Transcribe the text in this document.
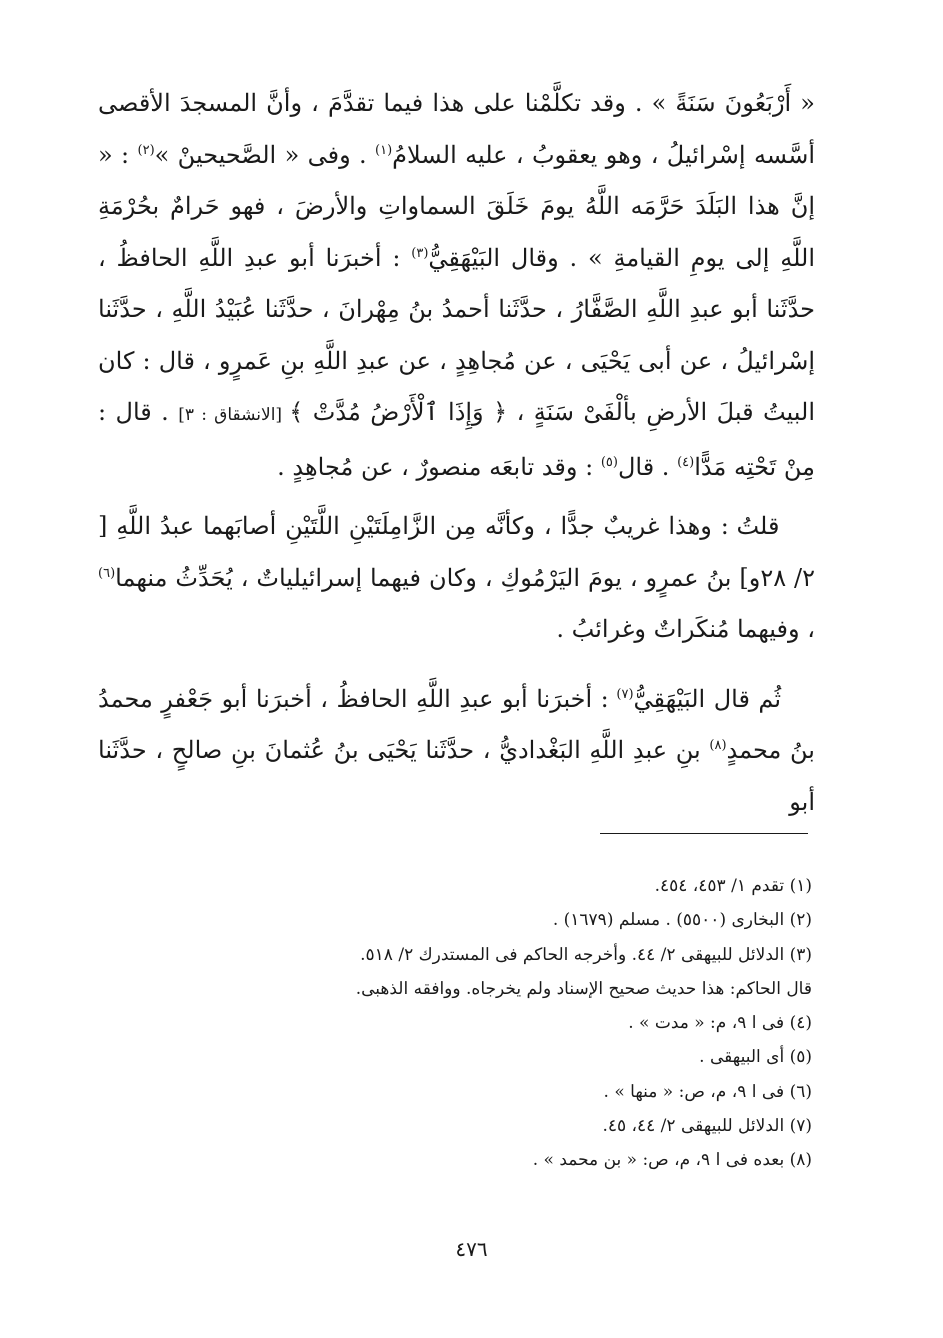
« أَرْبَعُونَ سَنَةً » . وقد تكلَّمْنا على هذا فيما تقدَّمَ ، وأنَّ المسجدَ الأقصى أسَّسه إسْرائيلُ ، وهو يعقوبُ ، عليه السلامُ$^{(١)}$ . وفى « الصَّحيحينْ »$^{(٢)}$ : « إنَّ هذا البَلَدَ حَرَّمَه اللَّهُ يومَ خَلَقَ السماواتِ والأرضَ ، فهو حَرامٌ بحُرْمَةِ اللَّهِ إلى يومِ القيامةِ » . وقال البَيْهَقِيُّ$^{(٣)}$ : أخبرَنا أبو عبدِ اللَّهِ الحافظُ ، حدَّثَنا أبو عبدِ اللَّهِ الصَّفَّارُ ، حدَّثَنا أحمدُ بنُ مِهْرانَ ، حدَّثَنا عُبَيْدُ اللَّهِ ، حدَّثَنا إسْرائيلُ ، عن أبى يَحْيَى ، عن مُجاهِدٍ ، عن عبدِ اللَّهِ بنِ عَمرٍو ، قال : كان البيتُ قبلَ الأرضِ بألْفَىْ سَنَةٍ ، ﴿ وَإِذَا ٱلْأَرْضُ مُدَّتْ ﴾ [الانشقاق : ٣] . قال : مِنْ تَحْتِه مَدًّا$^{(٤)}$ . قال$^{(٥)}$ : وقد تابعَه منصورٌ ، عن مُجاهِدٍ .

قلتُ : وهذا غريبٌ جدًّا ، وكأنَّه مِن الزَّامِلَتَيْنِ اللَّتَيْنِ أصابَهما عبدُ اللَّهِ [ ٢/ ٢٨و] بنُ عمرٍو ، يومَ اليَرْمُوكِ ، وكان فيهما إسرائيلياتٌ ، يُحَدِّثُ منهما$^{(٦)}$ ، وفيهما مُنكَراتٌ وغرائبُ .

ثُم قال البَيْهَقِيُّ$^{(٧)}$ : أخبرَنا أبو عبدِ اللَّهِ الحافظُ ، أخبرَنا أبو جَعْفرٍ محمدُ بنُ محمدٍ$^{(٨)}$ بنِ عبدِ اللَّهِ البَغْداديُّ ، حدَّثَنا يَحْيَى بنُ عُثمانَ بنِ صالحٍ ، حدَّثَنا أبو

(١) تقدم ١/ ٤٥٣، ٤٥٤.
(٢) البخارى (٥٥٠٠) . مسلم (١٦٧٩) .
(٣) الدلائل للبيهقى ٢/ ٤٤. وأخرجه الحاكم فى المستدرك ٢/ ٥١٨.
قال الحاكم: هذا حديث صحيح الإسناد ولم يخرجاه. ووافقه الذهبى.
(٤) فى ا ٩، م: « مدت » .
(٥) أى البيهقى .
(٦) فى ا ٩، م، ص: « منها » .
(٧) الدلائل للبيهقى ٢/ ٤٤، ٤٥.
(٨) بعده فى ا ٩، م، ص: « بن محمد » .
٤٧٦
